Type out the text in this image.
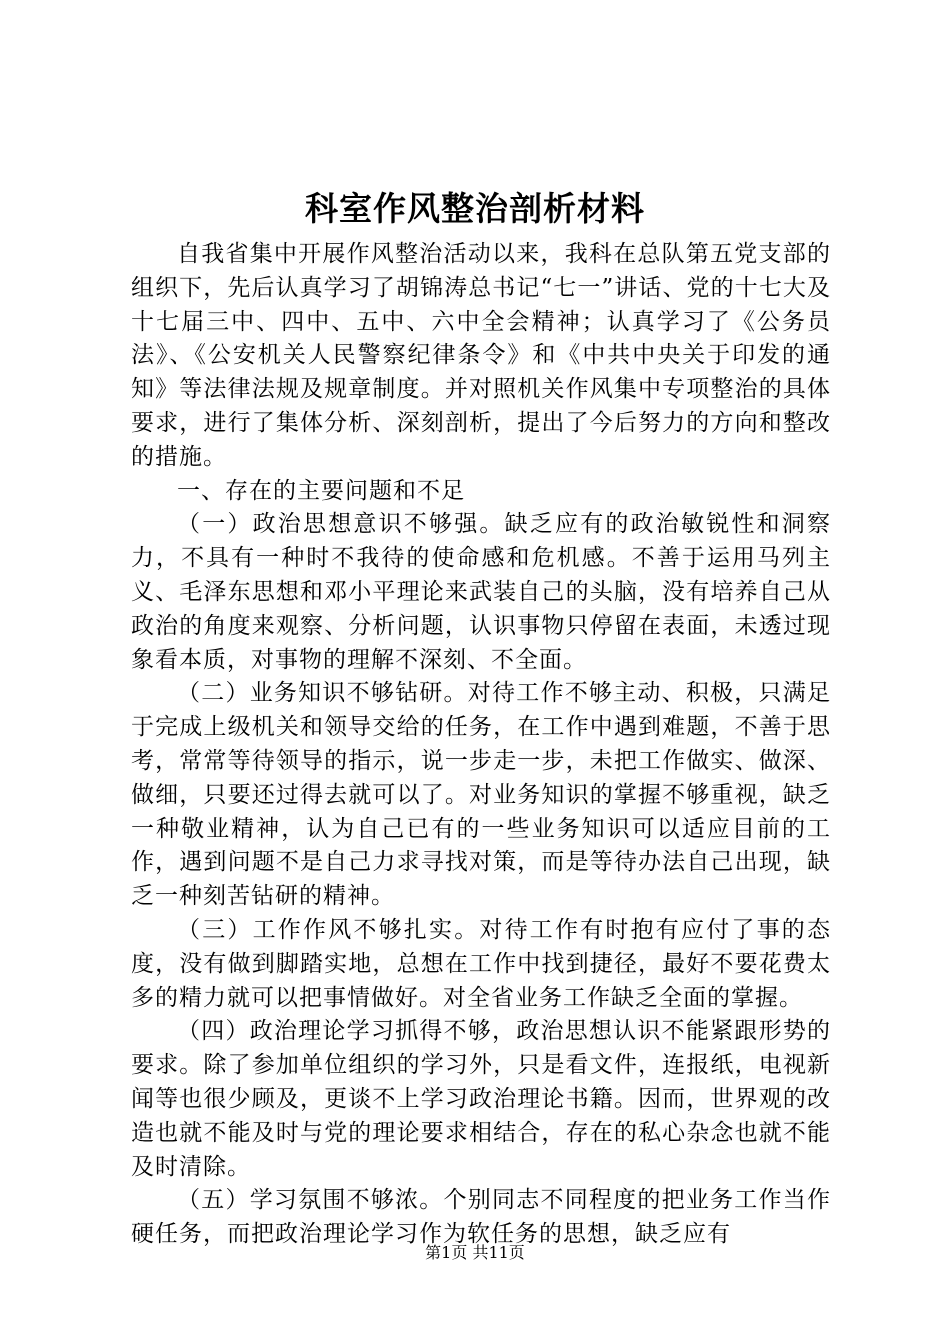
科室作风整治剖析材料

自我省集中开展作风整治活动以来，我科在总队第五党支部的组织下，先后认真学习了胡锦涛总书记“七一”讲话、党的十七大及十七届三中、四中、五中、六中全会精神；认真学习了《公务员法》、《公安机关人民警察纪律条令》和《中共中央关于印发的通知》等法律法规及规章制度。并对照机关作风集中专项整治的具体要求，进行了集体分析、深刻剖析，提出了今后努力的方向和整改的措施。

一、存在的主要问题和不足

（一）政治思想意识不够强。缺乏应有的政治敏锐性和洞察力，不具有一种时不我待的使命感和危机感。不善于运用马列主义、毛泽东思想和邓小平理论来武装自己的头脑，没有培养自己从政治的角度来观察、分析问题，认识事物只停留在表面，未透过现象看本质，对事物的理解不深刻、不全面。

（二）业务知识不够钻研。对待工作不够主动、积极，只满足于完成上级机关和领导交给的任务，在工作中遇到难题，不善于思考，常常等待领导的指示，说一步走一步，未把工作做实、做深、做细，只要还过得去就可以了。对业务知识的掌握不够重视，缺乏一种敬业精神，认为自己已有的一些业务知识可以适应目前的工作，遇到问题不是自己力求寻找对策，而是等待办法自己出现，缺乏一种刻苦钻研的精神。

（三）工作作风不够扎实。对待工作有时抱有应付了事的态度，没有做到脚踏实地，总想在工作中找到捷径，最好不要花费太多的精力就可以把事情做好。对全省业务工作缺乏全面的掌握。

（四）政治理论学习抓得不够，政治思想认识不能紧跟形势的要求。除了参加单位组织的学习外，只是看文件，连报纸，电视新闻等也很少顾及，更谈不上学习政治理论书籍。因而，世界观的改造也就不能及时与党的理论要求相结合，存在的私心杂念也就不能及时清除。

（五）学习氛围不够浓。个别同志不同程度的把业务工作当作硬任务，而把政治理论学习作为软任务的思想，缺乏应有

第1页 共11页
